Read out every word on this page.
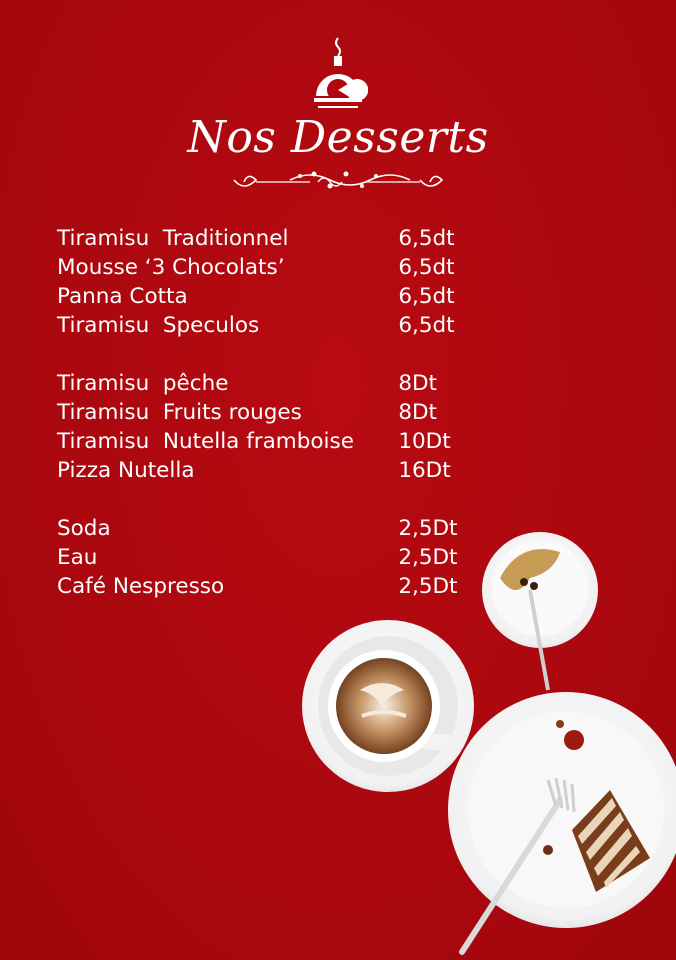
Nos Desserts
Tiramisu  Traditionnel	6,5dt
Mousse ‘3 Chocolats’	6,5dt
Panna Cotta	6,5dt
Tiramisu  Speculos	6,5dt
Tiramisu  pêche	8Dt
Tiramisu  Fruits rouges	8Dt
Tiramisu  Nutella framboise	10Dt
Pizza Nutella	16Dt
Soda	2,5Dt
Eau	2,5Dt
Café Nespresso	2,5Dt
